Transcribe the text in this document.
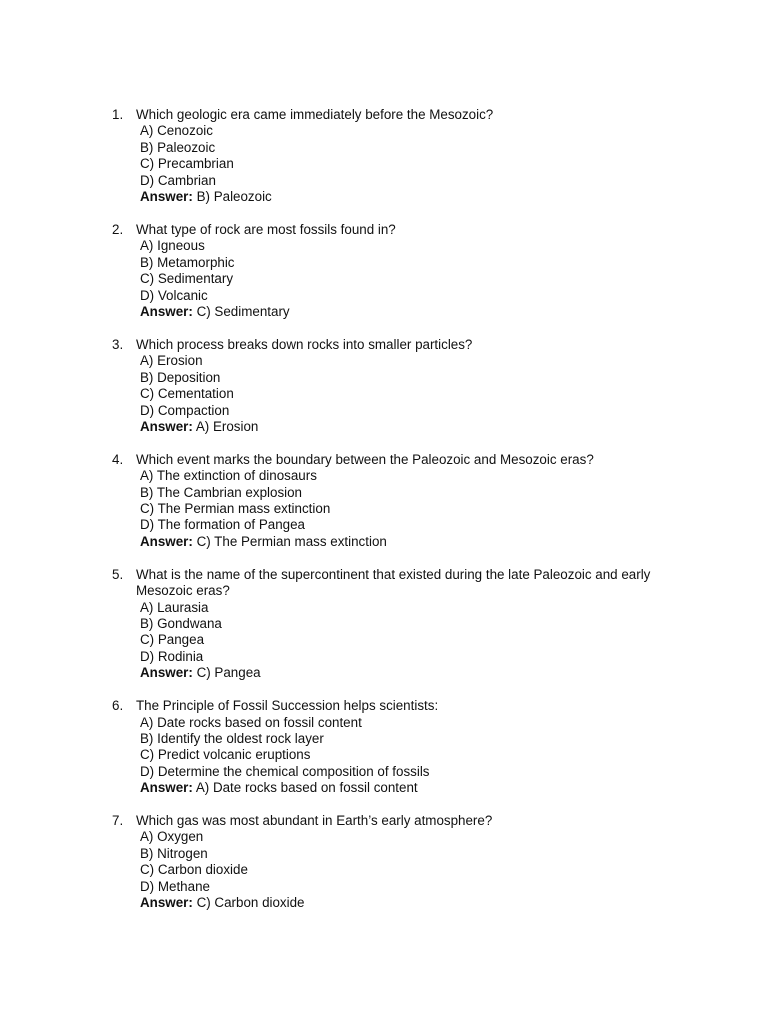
1. Which geologic era came immediately before the Mesozoic?
A) Cenozoic
B) Paleozoic
C) Precambrian
D) Cambrian
Answer: B) Paleozoic
2. What type of rock are most fossils found in?
A) Igneous
B) Metamorphic
C) Sedimentary
D) Volcanic
Answer: C) Sedimentary
3. Which process breaks down rocks into smaller particles?
A) Erosion
B) Deposition
C) Cementation
D) Compaction
Answer: A) Erosion
4. Which event marks the boundary between the Paleozoic and Mesozoic eras?
A) The extinction of dinosaurs
B) The Cambrian explosion
C) The Permian mass extinction
D) The formation of Pangea
Answer: C) The Permian mass extinction
5. What is the name of the supercontinent that existed during the late Paleozoic and early Mesozoic eras?
A) Laurasia
B) Gondwana
C) Pangea
D) Rodinia
Answer: C) Pangea
6. The Principle of Fossil Succession helps scientists:
A) Date rocks based on fossil content
B) Identify the oldest rock layer
C) Predict volcanic eruptions
D) Determine the chemical composition of fossils
Answer: A) Date rocks based on fossil content
7. Which gas was most abundant in Earth’s early atmosphere?
A) Oxygen
B) Nitrogen
C) Carbon dioxide
D) Methane
Answer: C) Carbon dioxide
